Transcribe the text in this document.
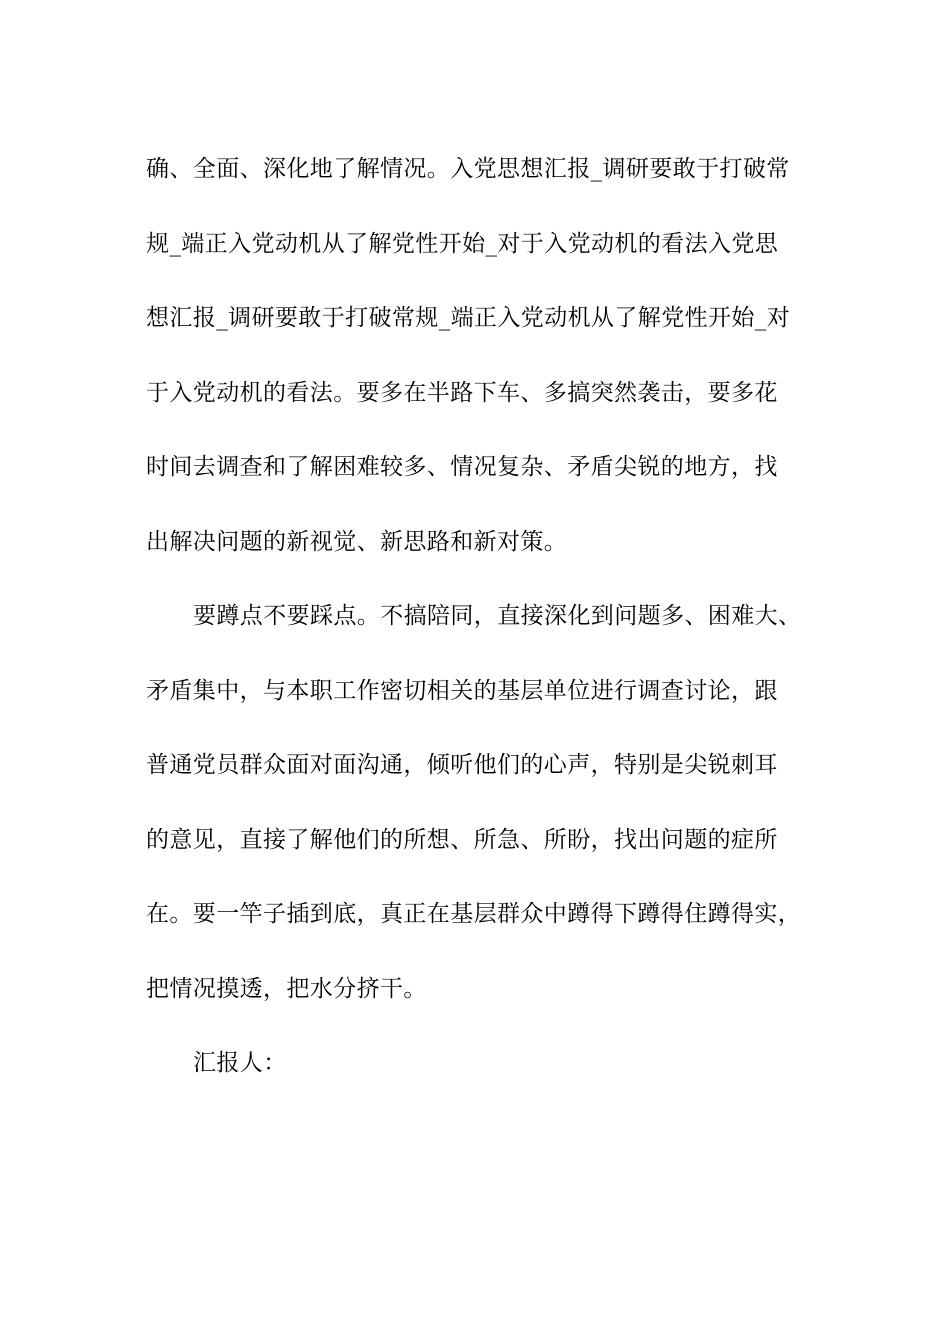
确、全面、深化地了解情况。入党思想汇报_调研要敢于打破常
规_端正入党动机从了解党性开始_对于入党动机的看法入党思
想汇报_调研要敢于打破常规_端正入党动机从了解党性开始_对
于入党动机的看法。要多在半路下车、多搞突然袭击，要多花
时间去调查和了解困难较多、情况复杂、矛盾尖锐的地方，找
出解决问题的新视觉、新思路和新对策。
要蹲点不要踩点。不搞陪同，直接深化到问题多、困难大、
矛盾集中，与本职工作密切相关的基层单位进行调查讨论，跟
普通党员群众面对面沟通，倾听他们的心声，特别是尖锐刺耳
的意见，直接了解他们的所想、所急、所盼，找出问题的症所
在。要一竿子插到底，真正在基层群众中蹲得下蹲得住蹲得实，
把情况摸透，把水分挤干。
汇报人：
